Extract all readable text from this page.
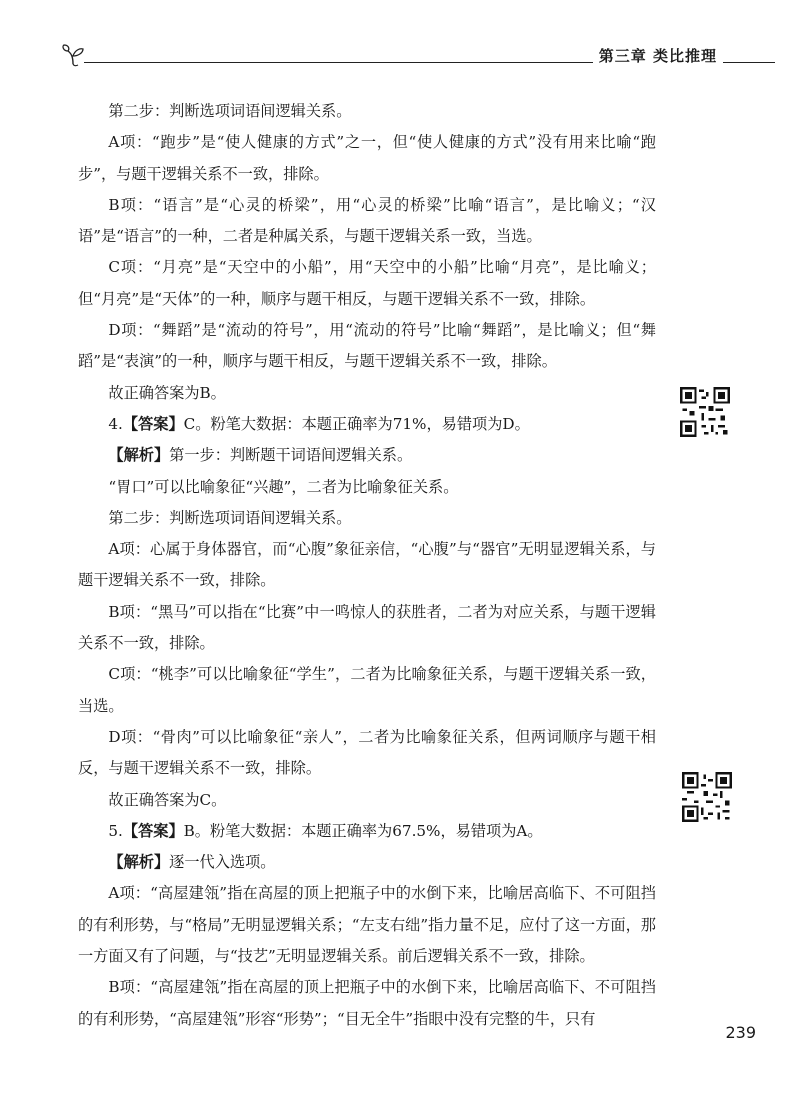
第三章 类比推理

第二步：判断选项词语间逻辑关系。

A项：“跑步”是“使人健康的方式”之一，但“使人健康的方式”没有用来比喻“跑步”，与题干逻辑关系不一致，排除。

B项：“语言”是“心灵的桥梁”，用“心灵的桥梁”比喻“语言”，是比喻义；“汉语”是“语言”的一种，二者是种属关系，与题干逻辑关系一致，当选。

C项：“月亮”是“天空中的小船”，用“天空中的小船”比喻“月亮”，是比喻义；但“月亮”是“天体”的一种，顺序与题干相反，与题干逻辑关系不一致，排除。

D项：“舞蹈”是“流动的符号”，用“流动的符号”比喻“舞蹈”，是比喻义；但“舞蹈”是“表演”的一种，顺序与题干相反，与题干逻辑关系不一致，排除。

故正确答案为B。

4.【答案】C。粉笔大数据：本题正确率为71%，易错项为D。

【解析】第一步：判断题干词语间逻辑关系。

“胃口”可以比喻象征“兴趣”，二者为比喻象征关系。

第二步：判断选项词语间逻辑关系。

A项：心属于身体器官，而“心腹”象征亲信，“心腹”与“器官”无明显逻辑关系，与题干逻辑关系不一致，排除。

B项：“黑马”可以指在“比赛”中一鸣惊人的获胜者，二者为对应关系，与题干逻辑关系不一致，排除。

C项：“桃李”可以比喻象征“学生”，二者为比喻象征关系，与题干逻辑关系一致，当选。

D项：“骨肉”可以比喻象征“亲人”，二者为比喻象征关系，但两词顺序与题干相反，与题干逻辑关系不一致，排除。

故正确答案为C。

5.【答案】B。粉笔大数据：本题正确率为67.5%，易错项为A。

【解析】逐一代入选项。

A项：“高屋建瓴”指在高屋的顶上把瓶子中的水倒下来，比喻居高临下、不可阻挡的有利形势，与“格局”无明显逻辑关系；“左支右绌”指力量不足，应付了这一方面，那一方面又有了问题，与“技艺”无明显逻辑关系。前后逻辑关系不一致，排除。

B项：“高屋建瓴”指在高屋的顶上把瓶子中的水倒下来，比喻居高临下、不可阻挡的有利形势，“高屋建瓴”形容“形势”；“目无全牛”指眼中没有完整的牛，只有

239
